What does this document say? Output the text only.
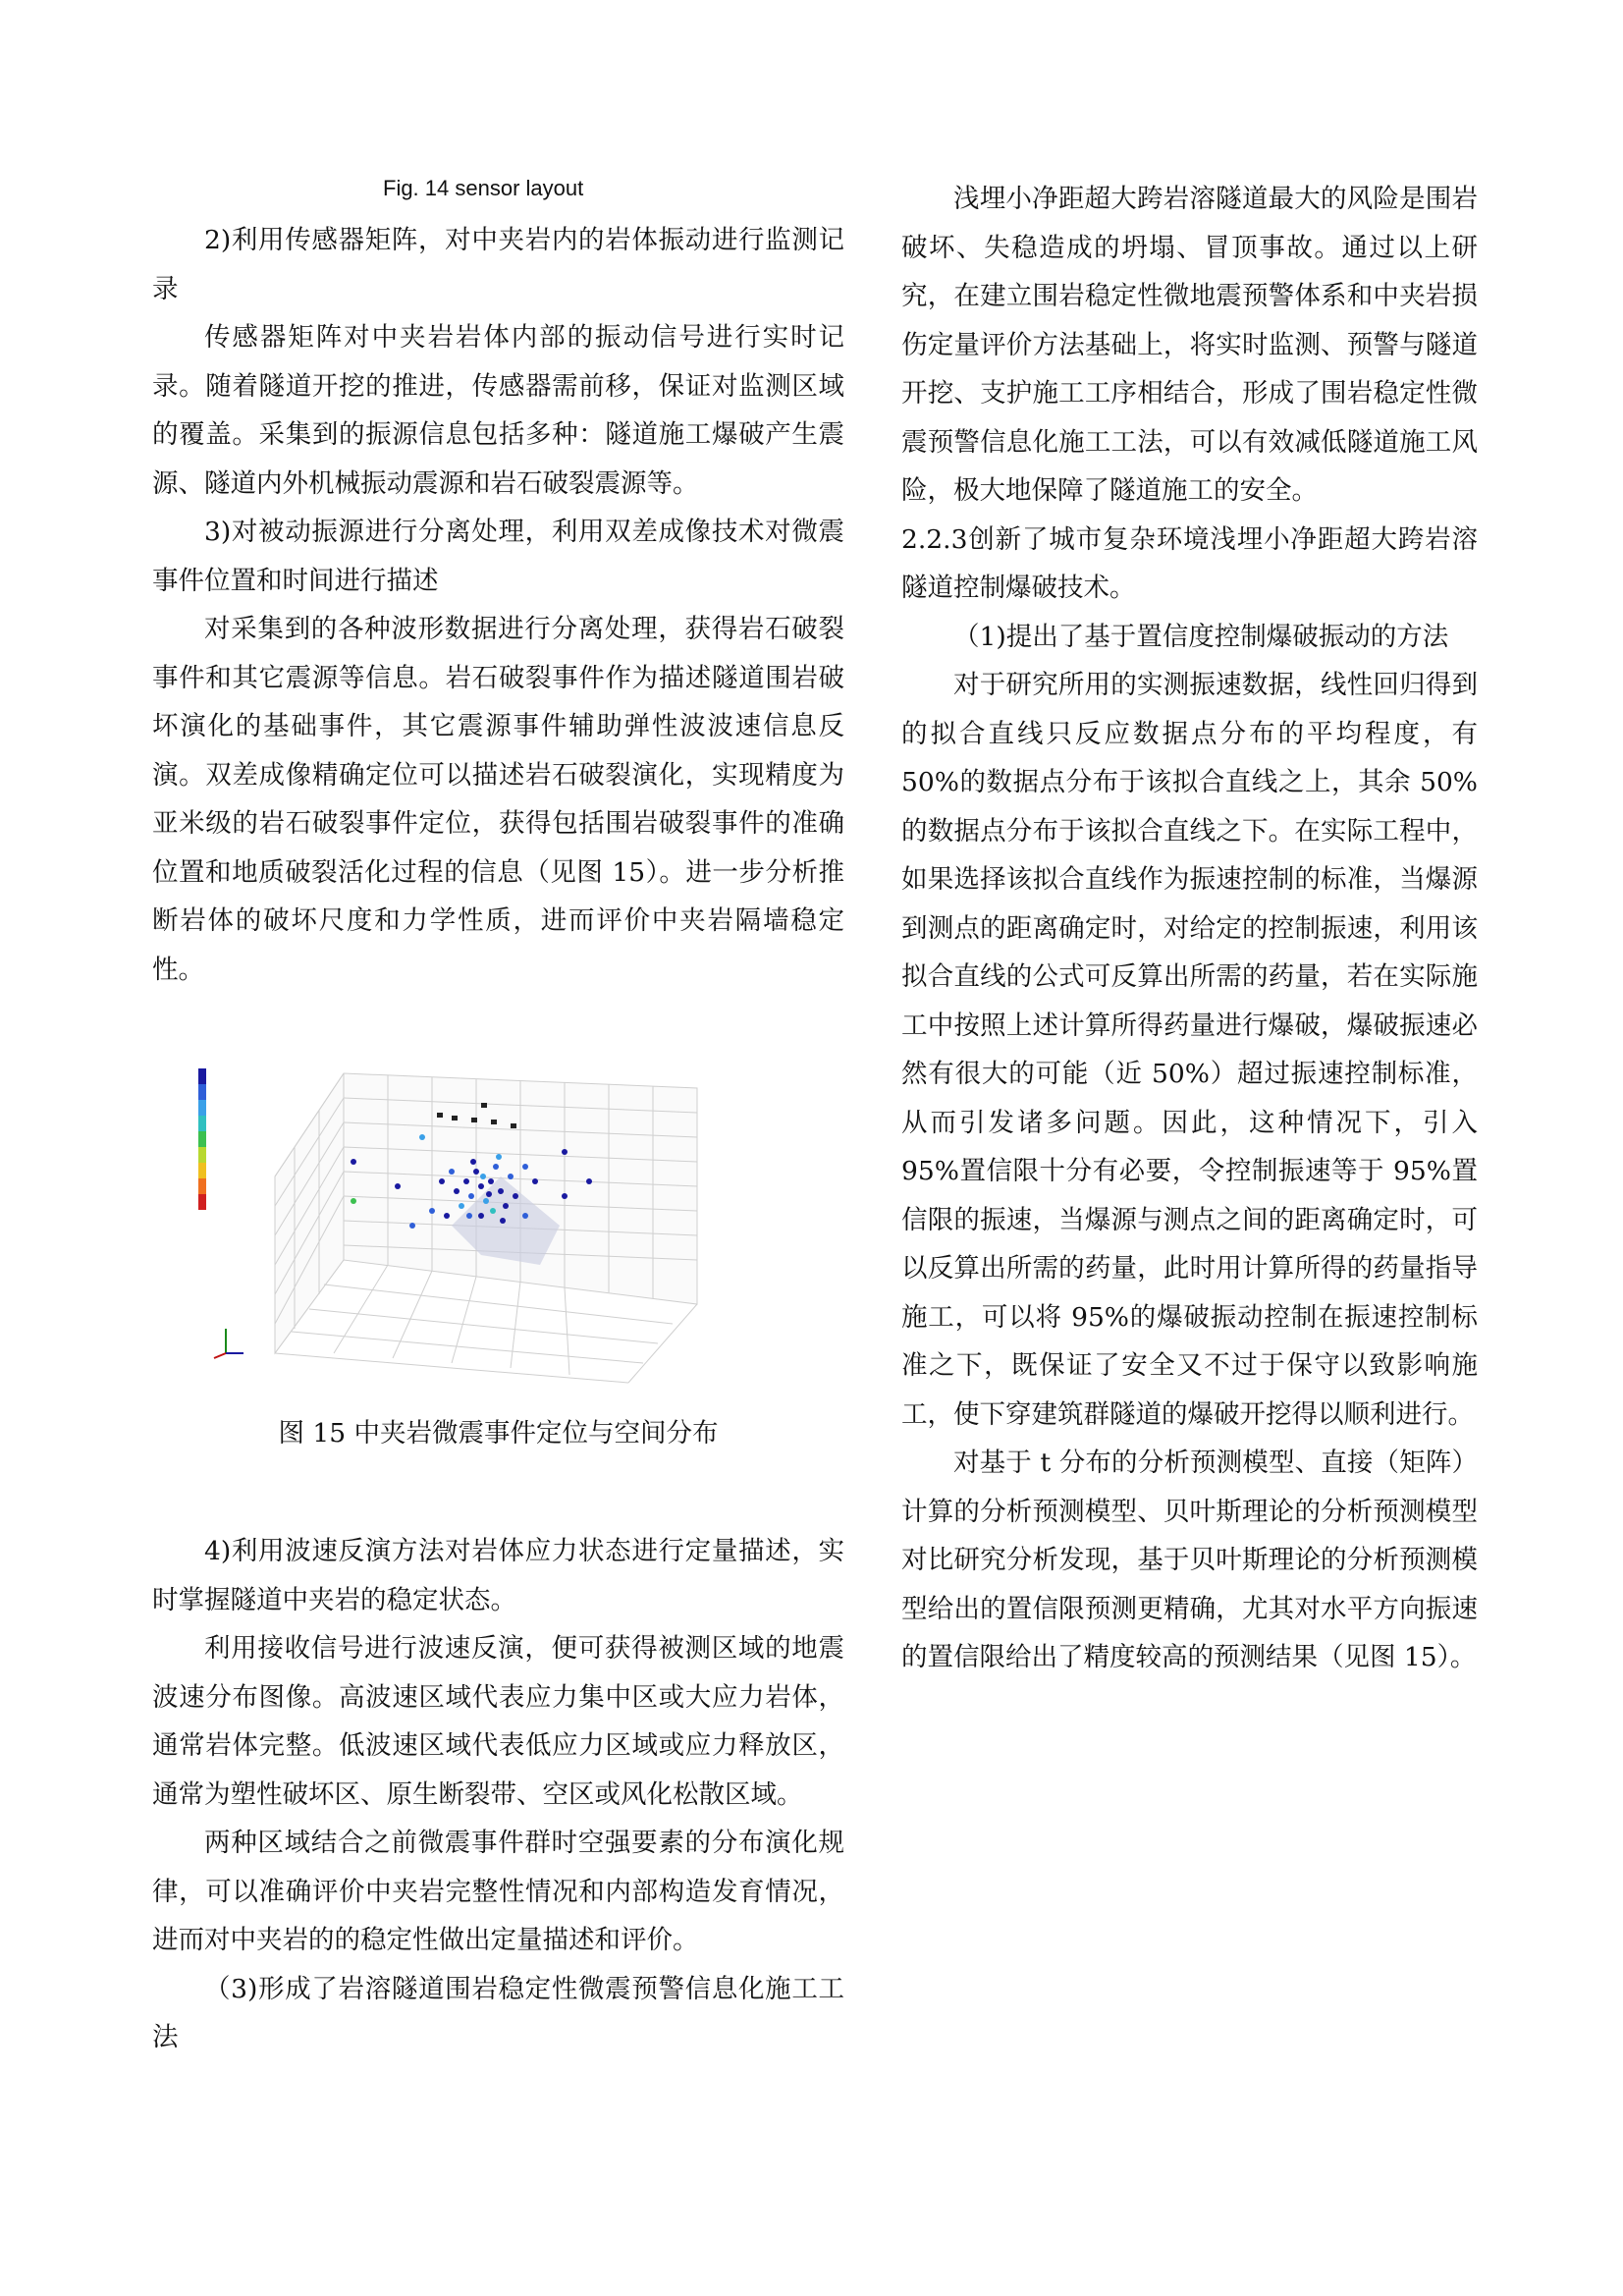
Fig. 14 sensor layout

2)利用传感器矩阵，对中夹岩内的岩体振动进行监测记录

传感器矩阵对中夹岩岩体内部的振动信号进行实时记录。随着隧道开挖的推进，传感器需前移，保证对监测区域的覆盖。采集到的振源信息包括多种：隧道施工爆破产生震源、隧道内外机械振动震源和岩石破裂震源等。

3)对被动振源进行分离处理，利用双差成像技术对微震事件位置和时间进行描述

对采集到的各种波形数据进行分离处理，获得岩石破裂事件和其它震源等信息。岩石破裂事件作为描述隧道围岩破坏演化的基础事件，其它震源事件辅助弹性波波速信息反演。双差成像精确定位可以描述岩石破裂演化，实现精度为亚米级的岩石破裂事件定位，获得包括围岩破裂事件的准确位置和地质破裂活化过程的信息（见图 15）。进一步分析推断岩体的破坏尺度和力学性质，进而评价中夹岩隔墙稳定性。

图 15 中夹岩微震事件定位与空间分布

4)利用波速反演方法对岩体应力状态进行定量描述，实时掌握隧道中夹岩的稳定状态。

利用接收信号进行波速反演，便可获得被测区域的地震波速分布图像。高波速区域代表应力集中区或大应力岩体，通常岩体完整。低波速区域代表低应力区域或应力释放区，通常为塑性破坏区、原生断裂带、空区或风化松散区域。

两种区域结合之前微震事件群时空强要素的分布演化规律，可以准确评价中夹岩完整性情况和内部构造发育情况，进而对中夹岩的的稳定性做出定量描述和评价。

（3)形成了岩溶隧道围岩稳定性微震预警信息化施工工法

浅埋小净距超大跨岩溶隧道最大的风险是围岩破坏、失稳造成的坍塌、冒顶事故。通过以上研究，在建立围岩稳定性微地震预警体系和中夹岩损伤定量评价方法基础上，将实时监测、预警与隧道开挖、支护施工工序相结合，形成了围岩稳定性微震预警信息化施工工法，可以有效减低隧道施工风险，极大地保障了隧道施工的安全。

2.2.3创新了城市复杂环境浅埋小净距超大跨岩溶隧道控制爆破技术。

（1)提出了基于置信度控制爆破振动的方法

对于研究所用的实测振速数据，线性回归得到的拟合直线只反应数据点分布的平均程度，有 50%的数据点分布于该拟合直线之上，其余 50%的数据点分布于该拟合直线之下。在实际工程中，如果选择该拟合直线作为振速控制的标准，当爆源到测点的距离确定时，对给定的控制振速，利用该拟合直线的公式可反算出所需的药量，若在实际施工中按照上述计算所得药量进行爆破，爆破振速必然有很大的可能（近 50%）超过振速控制标准，从而引发诸多问题。因此，这种情况下，引入 95%置信限十分有必要，令控制振速等于 95%置信限的振速，当爆源与测点之间的距离确定时，可以反算出所需的药量，此时用计算所得的药量指导施工，可以将 95%的爆破振动控制在振速控制标准之下，既保证了安全又不过于保守以致影响施工，使下穿建筑群隧道的爆破开挖得以顺利进行。

对基于 t 分布的分析预测模型、直接（矩阵）计算的分析预测模型、贝叶斯理论的分析预测模型对比研究分析发现，基于贝叶斯理论的分析预测模型给出的置信限预测更精确，尤其对水平方向振速的置信限给出了精度较高的预测结果（见图 15）。
